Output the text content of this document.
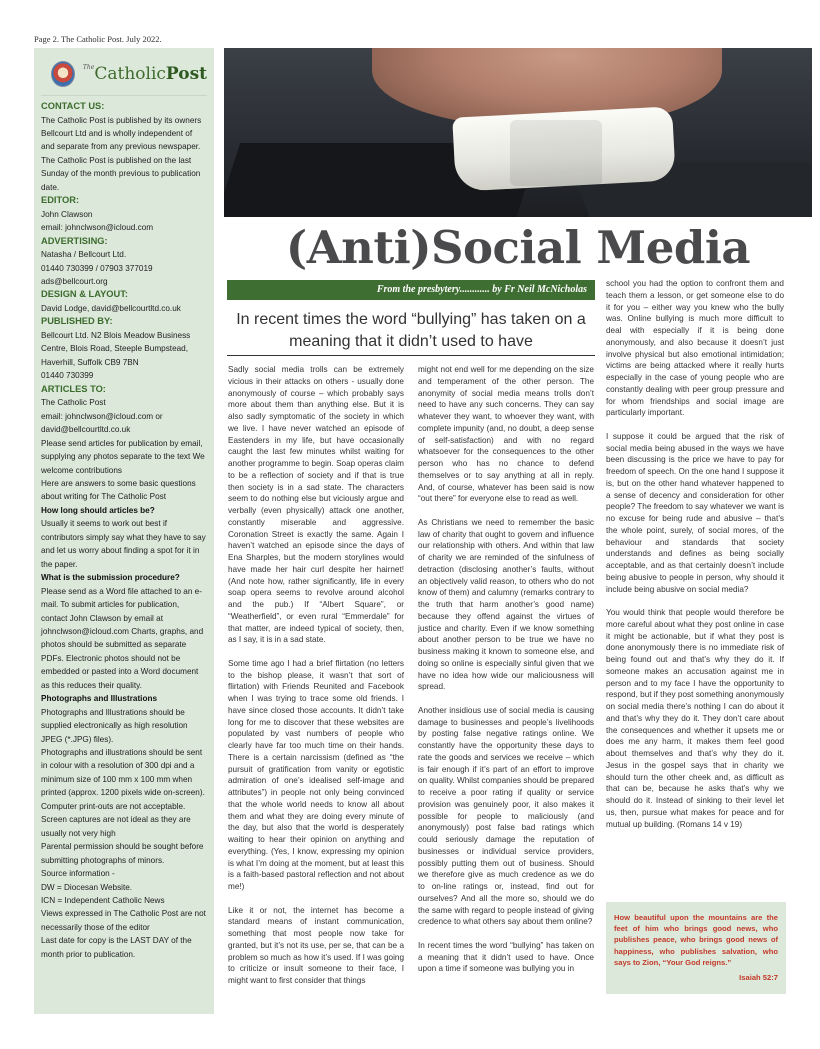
Page 2. The Catholic Post. July 2022.
$^{The}$CatholicPost
CONTACT US:
The Catholic Post is published by its owners Bellcourt Ltd and is wholly independent of and separate from any previous newspaper. The Catholic Post is published on the last Sunday of the month previous to publication date.
EDITOR:
John Clawson
email: johnclwson@icloud.com
ADVERTISING:
Natasha / Bellcourt Ltd.
01440 730399 / 07903 377019
ads@bellcourt.org
DESIGN & LAYOUT:
David Lodge, david@bellcourtltd.co.uk
PUBLISHED BY:
Bellcourt Ltd. N2 Blois Meadow Business Centre, Blois Road, Steeple Bumpstead, Haverhill, Suffolk CB9 7BN
01440 730399
ARTICLES TO:
The Catholic Post
email: johnclwson@icloud.com or david@bellcourtltd.co.uk
Please send articles for publication by email, supplying any photos separate to the text We welcome contributions
Here are answers to some basic questions about writing for The Catholic Post
How long should articles be?
Usually it seems to work out best if contributors simply say what they have to say and let us worry about finding a spot for it in the paper.
What is the submission procedure?
Please send as a Word file attached to an e-mail. To submit articles for publication, contact John Clawson by email at johnclwson@icloud.com Charts, graphs, and photos should be submitted as separate PDFs. Electronic photos should not be embedded or pasted into a Word document as this reduces their quality.
Photographs and Illustrations
Photographs and Illustrations should be supplied electronically as high resolution JPEG (*.JPG) files).
Photographs and illustrations should be sent in colour with a resolution of 300 dpi and a minimum size of 100 mm x 100 mm when printed (approx. 1200 pixels wide on-screen).
Computer print-outs are not acceptable. Screen captures are not ideal as they are usually not very high
Parental permission should be sought before submitting photographs of minors.
Source information -
DW = Diocesan Website.
ICN = Independent Catholic News
Views expressed in The Catholic Post are not necessarily those of the editor
Last date for copy is the LAST DAY of the month prior to publication.
(Anti)Social Media
From the presbytery............ by Fr Neil McNicholas
In recent times the word “bullying” has taken on a meaning that it didn’t used to have

Sadly social media trolls can be extremely vicious in their attacks on others - usually done anonymously of course – which probably says more about them than anything else. But it is also sadly symptomatic of the society in which we live. I have never watched an episode of Eastenders in my life, but have occasionally caught the last few minutes whilst waiting for another programme to begin. Soap operas claim to be a reflection of society and if that is true then society is in a sad state. The characters seem to do nothing else but viciously argue and verbally (even physically) attack one another, constantly miserable and aggressive. Coronation Street is exactly the same. Again I haven’t watched an episode since the days of Ena Sharples, but the modern storylines would have made her hair curl despite her hairnet! (And note how, rather significantly, life in every soap opera seems to revolve around alcohol and the pub.) If “Albert Square”, or “Weatherfield”, or even rural “Emmerdale” for that matter, are indeed typical of society, then, as I say, it is in a sad state.

Some time ago I had a brief flirtation (no letters to the bishop please, it wasn’t that sort of flirtation) with Friends Reunited and Facebook when I was trying to trace some old friends. I have since closed those accounts. It didn’t take long for me to discover that these websites are populated by vast numbers of people who clearly have far too much time on their hands. There is a certain narcissism (defined as “the pursuit of gratification from vanity or egotistic admiration of one’s idealised self-image and attributes”) in people not only being convinced that the whole world needs to know all about them and what they are doing every minute of the day, but also that the world is desperately waiting to hear their opinion on anything and everything. (Yes, I know, expressing my opinion is what I’m doing at the moment, but at least this is a faith-based pastoral reflection and not about me!)

Like it or not, the internet has become a standard means of instant communication, something that most people now take for granted, but it’s not its use, per se, that can be a problem so much as how it’s used. If I was going to criticize or insult someone to their face, I might want to first consider that things

might not end well for me depending on the size and temperament of the other person. The anonymity of social media means trolls don’t need to have any such concerns. They can say whatever they want, to whoever they want, with complete impunity (and, no doubt, a deep sense of self-satisfaction) and with no regard whatsoever for the consequences to the other person who has no chance to defend themselves or to say anything at all in reply. And, of course, whatever has been said is now “out there” for everyone else to read as well.

As Christians we need to remember the basic law of charity that ought to govern and influence our relationship with others. And within that law of charity we are reminded of the sinfulness of detraction (disclosing another’s faults, without an objectively valid reason, to others who do not know of them) and calumny (remarks contrary to the truth that harm another’s good name) because they offend against the virtues of justice and charity. Even if we know something about another person to be true we have no business making it known to someone else, and doing so online is especially sinful given that we have no idea how wide our maliciousness will spread.

Another insidious use of social media is causing damage to businesses and people’s livelihoods by posting false negative ratings online. We constantly have the opportunity these days to rate the goods and services we receive – which is fair enough if it’s part of an effort to improve on quality. Whilst companies should be prepared to receive a poor rating if quality or service provision was genuinely poor, it also makes it possible for people to maliciously (and anonymously) post false bad ratings which could seriously damage the reputation of businesses or individual service providers, possibly putting them out of business. Should we therefore give as much credence as we do to on-line ratings or, instead, find out for ourselves? And all the more so, should we do the same with regard to people instead of giving credence to what others say about them online?

In recent times the word “bullying” has taken on a meaning that it didn’t used to have. Once upon a time if someone was bullying you in

school you had the option to confront them and teach them a lesson, or get someone else to do it for you – either way you knew who the bully was. Online bullying is much more difficult to deal with especially if it is being done anonymously, and also because it doesn’t just involve physical but also emotional intimidation; victims are being attacked where it really hurts especially in the case of young people who are constantly dealing with peer group pressure and for whom friendships and social image are particularly important.

I suppose it could be argued that the risk of social media being abused in the ways we have been discussing is the price we have to pay for freedom of speech. On the one hand I suppose it is, but on the other hand whatever happened to a sense of decency and consideration for other people? The freedom to say whatever we want is no excuse for being rude and abusive – that’s the whole point, surely, of social mores, of the behaviour and standards that society understands and defines as being socially acceptable, and as that certainly doesn’t include being abusive to people in person, why should it include being abusive on social media?

You would think that people would therefore be more careful about what they post online in case it might be actionable, but if what they post is done anonymously there is no immediate risk of being found out and that’s why they do it. If someone makes an accusation against me in person and to my face I have the opportunity to respond, but if they post something anonymously on social media there’s nothing I can do about it and that’s why they do it. They don’t care about the consequences and whether it upsets me or does me any harm, it makes them feel good about themselves and that’s why they do it. Jesus in the gospel says that in charity we should turn the other cheek and, as difficult as that can be, because he asks that’s why we should do it. Instead of sinking to their level let us, then, pursue what makes for peace and for mutual up building. (Romans 14 v 19)

How beautiful upon the mountains are the feet of him who brings good news, who publishes peace, who brings good news of happiness, who publishes salvation, who says to Zion, “Your God reigns.”
Isaiah 52:7
